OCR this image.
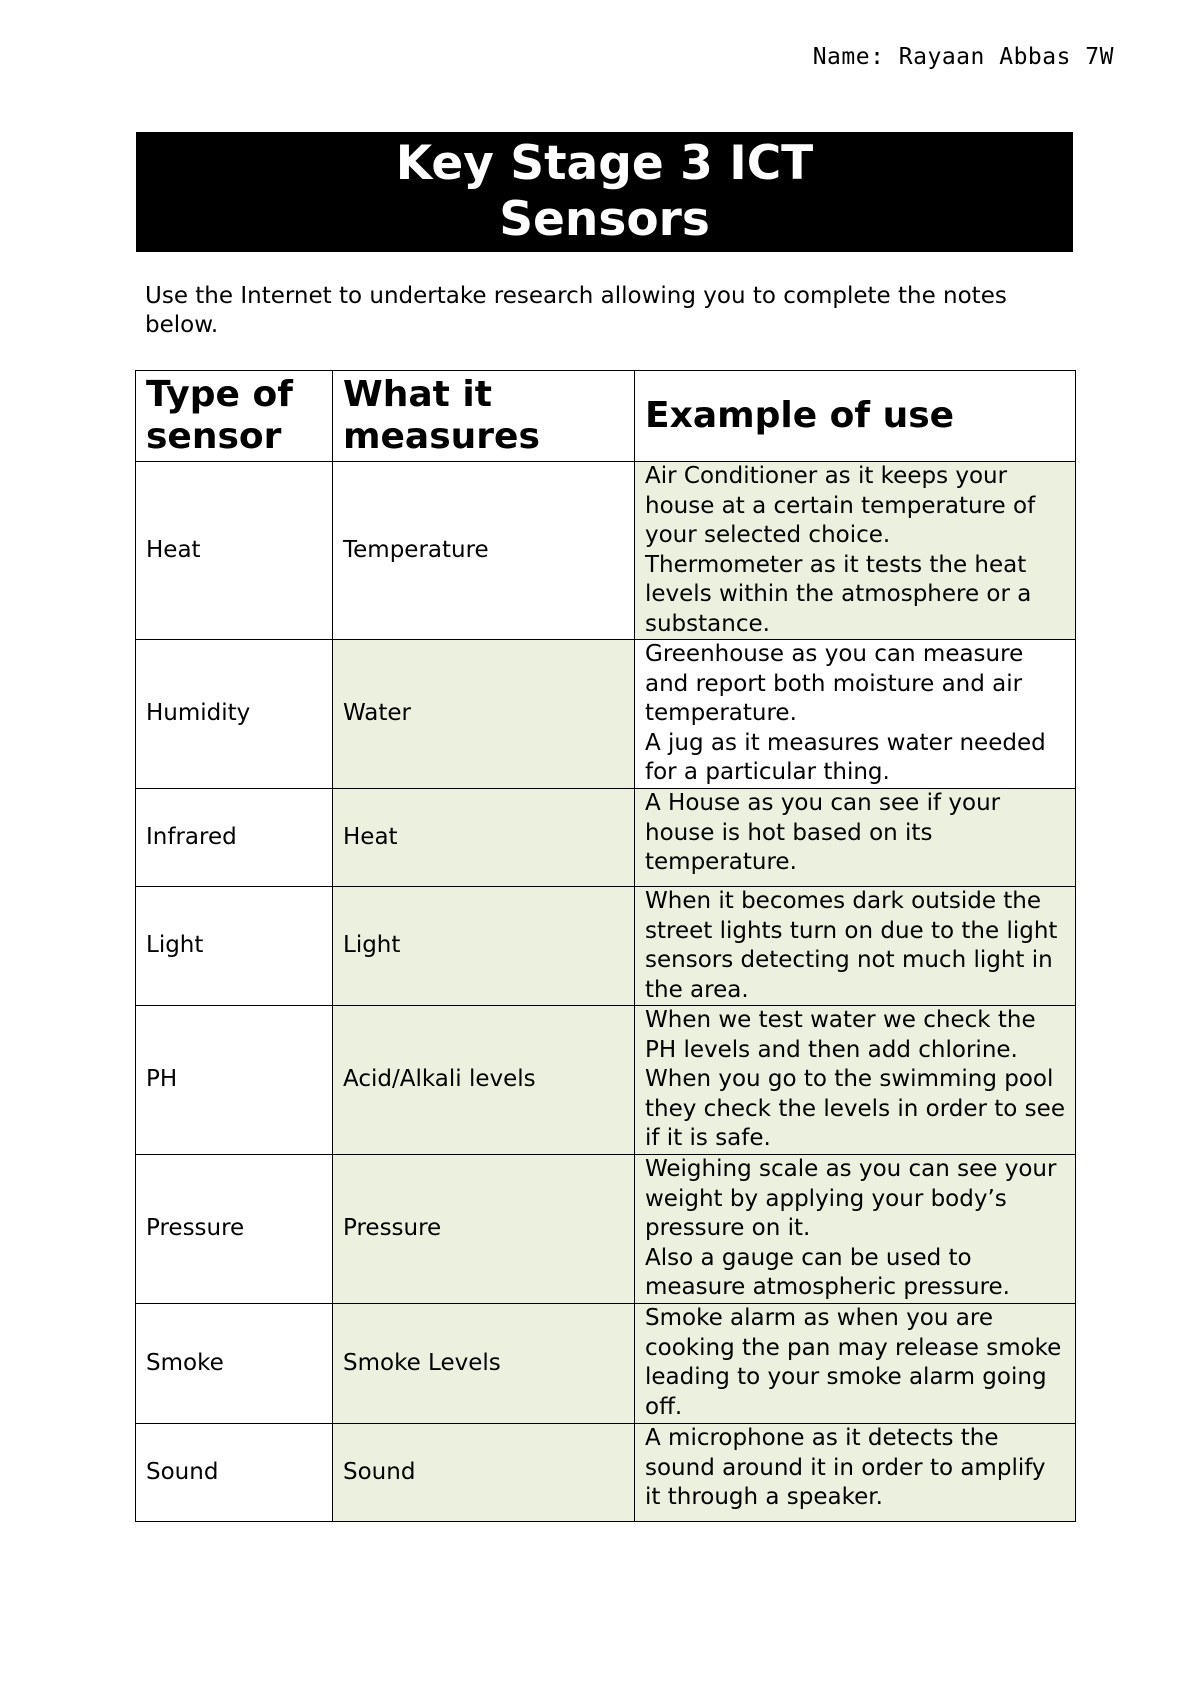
Name: Rayaan Abbas 7W
Key Stage 3 ICT
Sensors
Use the Internet to undertake research allowing you to complete the notes below.
Type of sensor	What it measures	Example of use
Heat	Temperature	Air Conditioner as it keeps your house at a certain temperature of your selected choice.
Thermometer as it tests the heat levels within the atmosphere or a substance.

Humidity	Water	Greenhouse as you can measure and report both moisture and air temperature.
A jug as it measures water needed for a particular thing.

Infrared	Heat	A House as you can see if your house is hot based on its temperature.

Light	Light	When it becomes dark outside the street lights turn on due to the light sensors detecting not much light in the area.

PH	Acid/Alkali levels	When we test water we check the PH levels and then add chlorine.
When you go to the swimming pool they check the levels in order to see if it is safe.

Pressure	Pressure	Weighing scale as you can see your weight by applying your body’s pressure on it.
Also a gauge can be used to measure atmospheric pressure.

Smoke	Smoke Levels	Smoke alarm as when you are cooking the pan may release smoke leading to your smoke alarm going off.

Sound	Sound	A microphone as it detects the sound around it in order to amplify it through a speaker.
